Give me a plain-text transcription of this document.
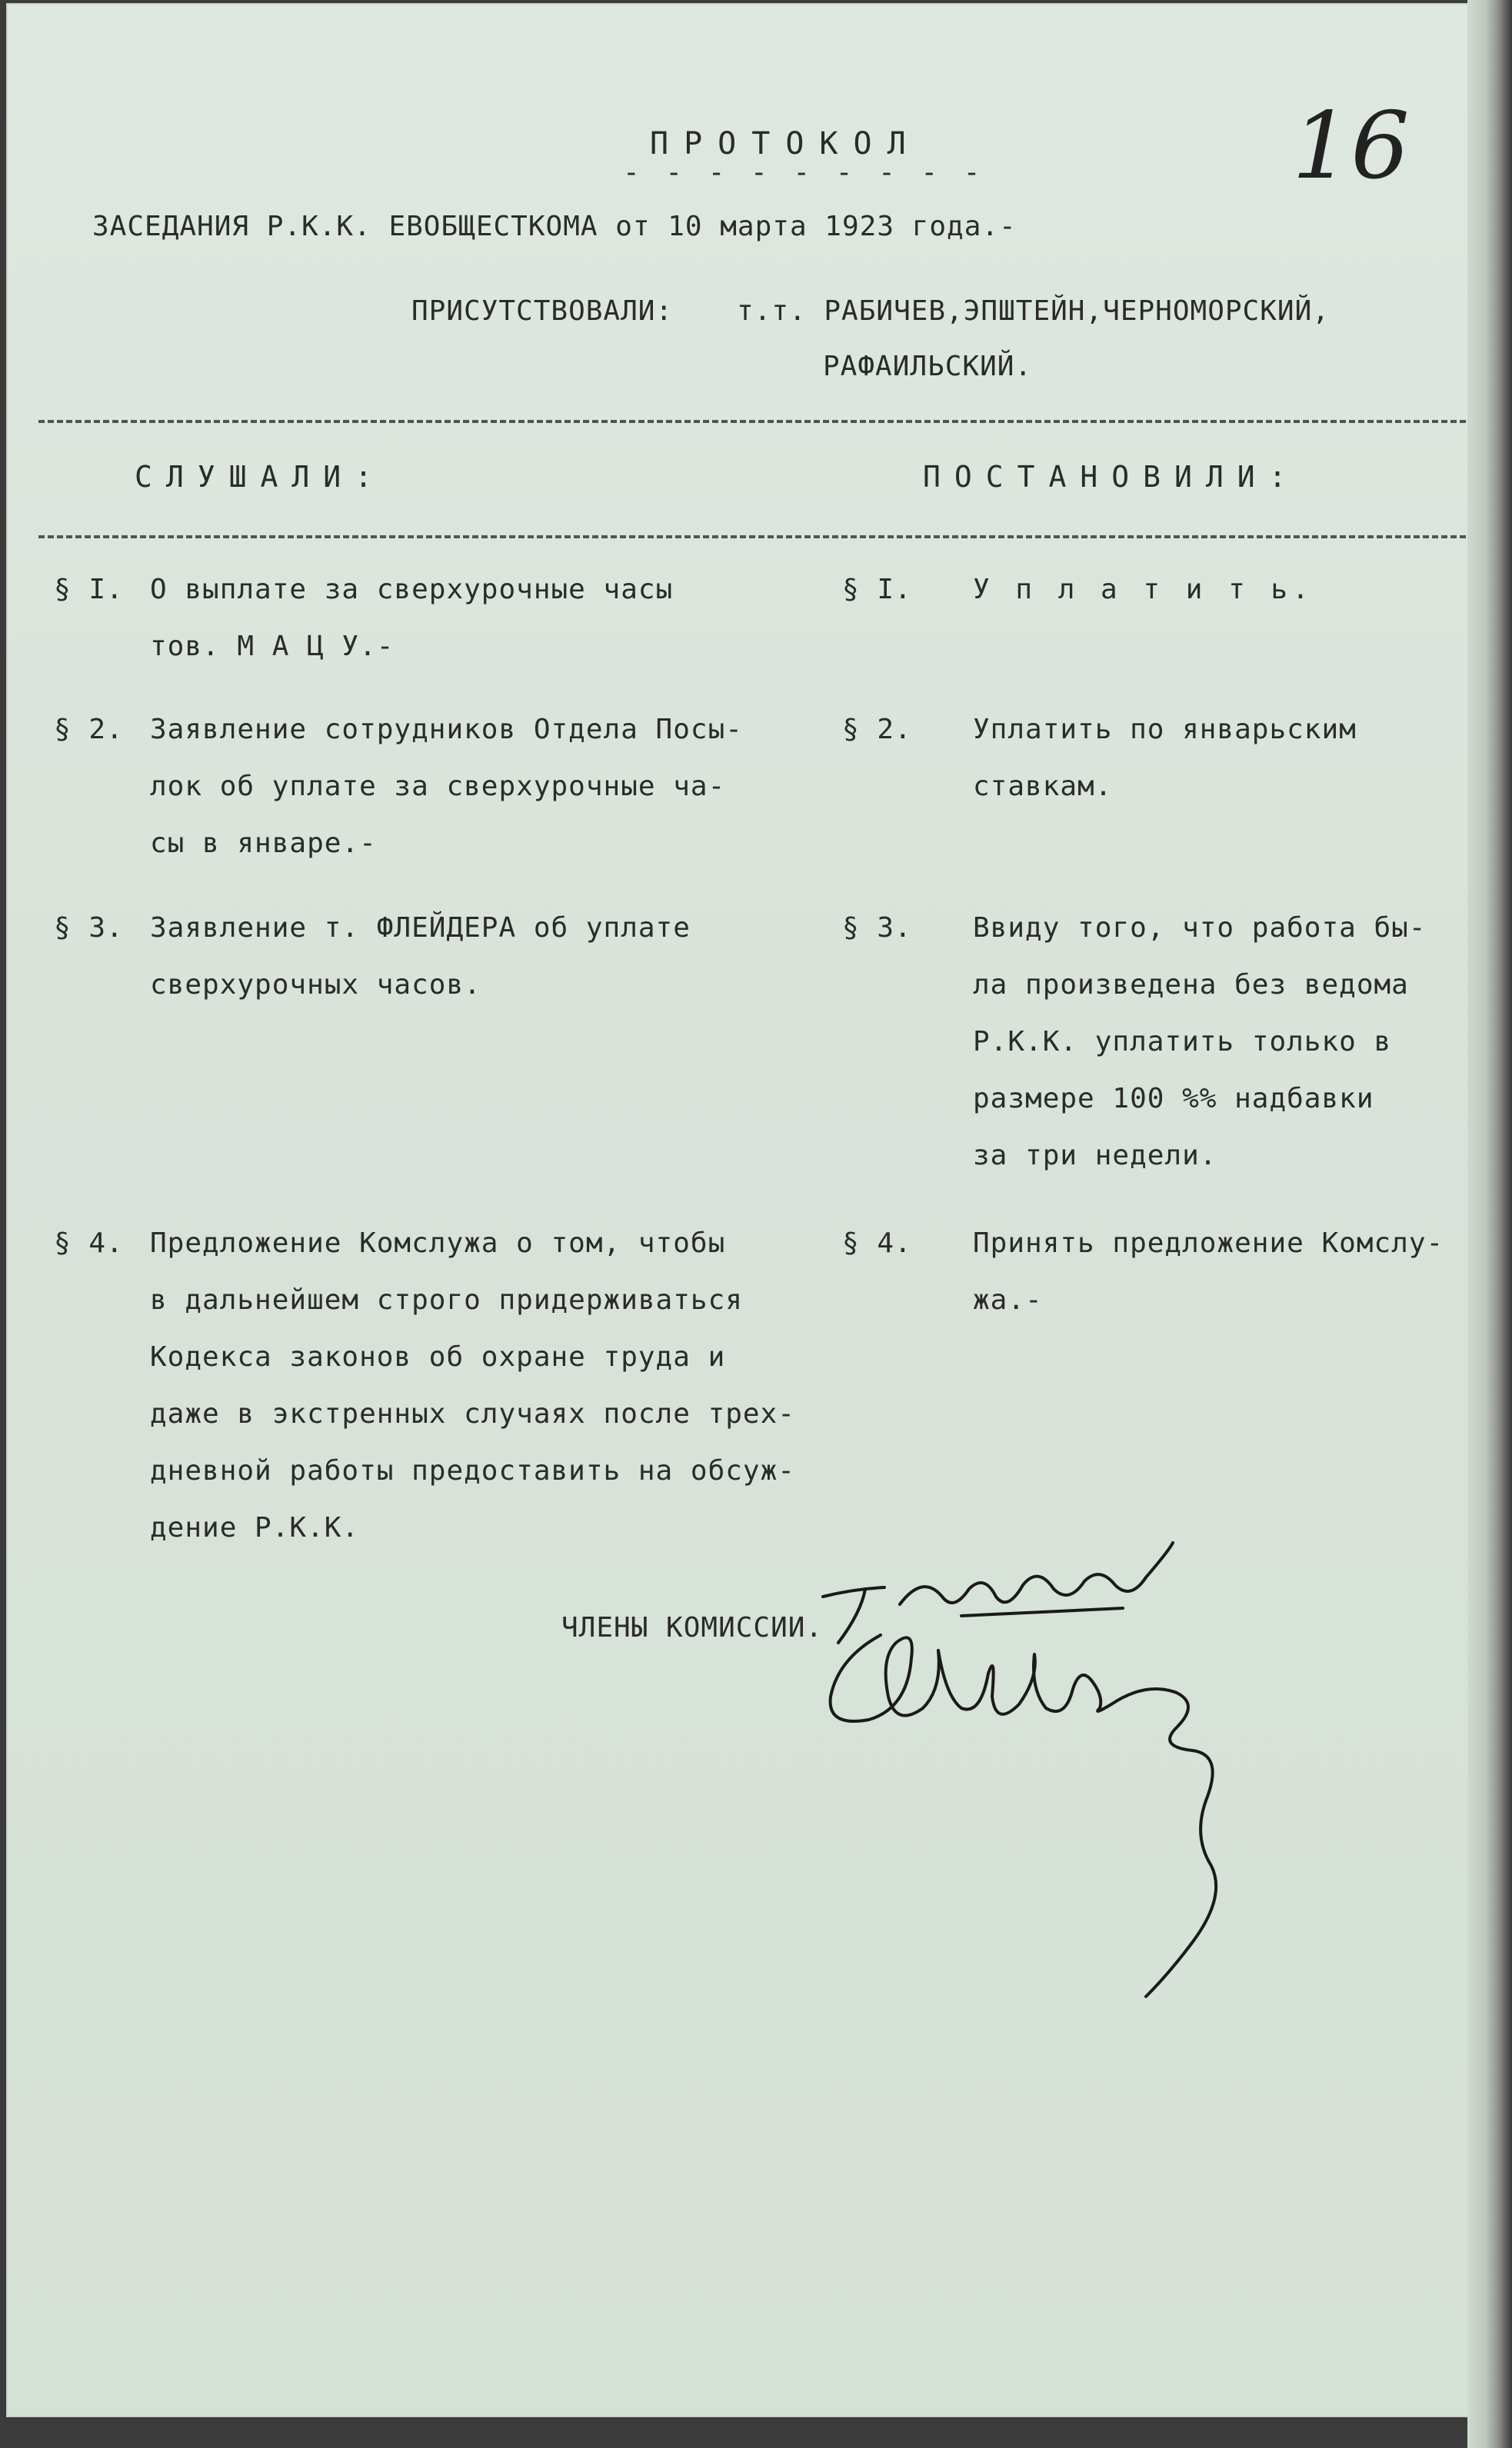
16
ПРОТОКОЛ
- - - - - - - - -
ЗАСЕДАНИЯ Р.К.К. ЕВОБЩЕСТКОМА от 10 марта 1923 года.-
ПРИСУТСТВОВАЛИ: т.т. РАБИЧЕВ,ЭПШТЕЙН,ЧЕРНОМОРСКИЙ,
РАФАИЛЬСКИЙ.
СЛУШАЛИ:	ПОСТАНОВИЛИ:
§ I. О выплате за сверхурочные часы
тов. М А Ц У.-
§ I. У п л а т и т ь.
§ 2. Заявление сотрудников Отдела Посы-
лок об уплате за сверхурочные ча-
сы в январе.-
§ 2. Уплатить по январьским
ставкам.
§ 3. Заявление т. ФЛЕЙДЕРА об уплате
сверхурочных часов.
§ 3. Ввиду того, что работа бы-
ла произведена без ведома
Р.К.К. уплатить только в
размере 100 %% надбавки
за три недели.
§ 4. Предложение Комслужа о том, чтобы
в дальнейшем строго придерживаться
Кодекса законов об охране труда и
даже в экстренных случаях после трех-
дневной работы предоставить на обсуж-
дение Р.К.К.
§ 4. Принять предложение Комслу-
жа.-
ЧЛЕНЫ КОМИССИИ.
